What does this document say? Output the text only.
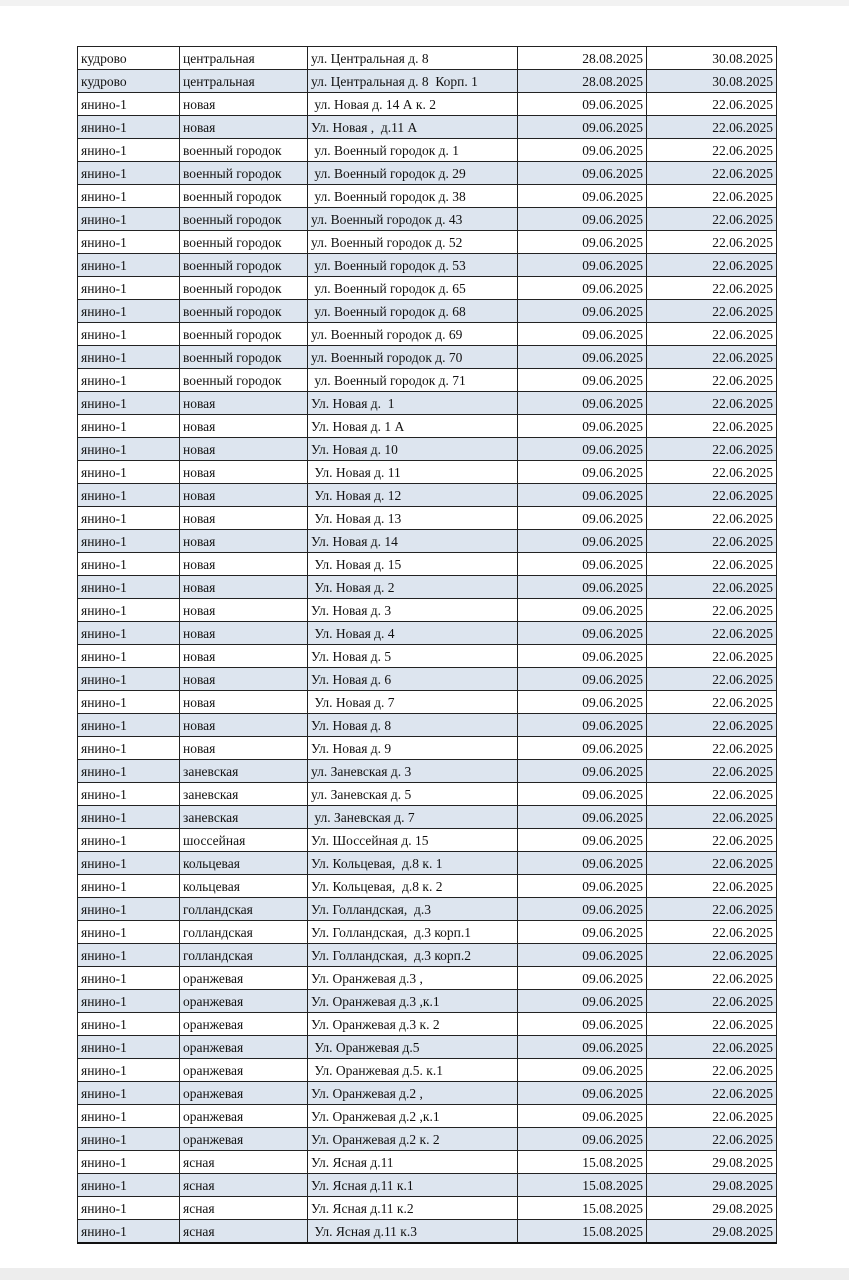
кудрово	центральная	ул. Центральная д. 8	28.08.2025	30.08.2025
кудрово	центральная	ул. Центральная д. 8  Корп. 1	28.08.2025	30.08.2025
янино-1	новая	ул. Новая д. 14 А к. 2	09.06.2025	22.06.2025
янино-1	новая	Ул. Новая ,  д.11 А	09.06.2025	22.06.2025
янино-1	военный городок	ул. Военный городок д. 1	09.06.2025	22.06.2025
янино-1	военный городок	ул. Военный городок д. 29	09.06.2025	22.06.2025
янино-1	военный городок	ул. Военный городок д. 38	09.06.2025	22.06.2025
янино-1	военный городок	ул. Военный городок д. 43	09.06.2025	22.06.2025
янино-1	военный городок	ул. Военный городок д. 52	09.06.2025	22.06.2025
янино-1	военный городок	ул. Военный городок д. 53	09.06.2025	22.06.2025
янино-1	военный городок	ул. Военный городок д. 65	09.06.2025	22.06.2025
янино-1	военный городок	ул. Военный городок д. 68	09.06.2025	22.06.2025
янино-1	военный городок	ул. Военный городок д. 69	09.06.2025	22.06.2025
янино-1	военный городок	ул. Военный городок д. 70	09.06.2025	22.06.2025
янино-1	военный городок	ул. Военный городок д. 71	09.06.2025	22.06.2025
янино-1	новая	Ул. Новая д.  1	09.06.2025	22.06.2025
янино-1	новая	Ул. Новая д. 1 А	09.06.2025	22.06.2025
янино-1	новая	Ул. Новая д. 10	09.06.2025	22.06.2025
янино-1	новая	Ул. Новая д. 11	09.06.2025	22.06.2025
янино-1	новая	Ул. Новая д. 12	09.06.2025	22.06.2025
янино-1	новая	Ул. Новая д. 13	09.06.2025	22.06.2025
янино-1	новая	Ул. Новая д. 14	09.06.2025	22.06.2025
янино-1	новая	Ул. Новая д. 15	09.06.2025	22.06.2025
янино-1	новая	Ул. Новая д. 2	09.06.2025	22.06.2025
янино-1	новая	Ул. Новая д. 3	09.06.2025	22.06.2025
янино-1	новая	Ул. Новая д. 4	09.06.2025	22.06.2025
янино-1	новая	Ул. Новая д. 5	09.06.2025	22.06.2025
янино-1	новая	Ул. Новая д. 6	09.06.2025	22.06.2025
янино-1	новая	Ул. Новая д. 7	09.06.2025	22.06.2025
янино-1	новая	Ул. Новая д. 8	09.06.2025	22.06.2025
янино-1	новая	Ул. Новая д. 9	09.06.2025	22.06.2025
янино-1	заневская	ул. Заневская д. 3	09.06.2025	22.06.2025
янино-1	заневская	ул. Заневская д. 5	09.06.2025	22.06.2025
янино-1	заневская	ул. Заневская д. 7	09.06.2025	22.06.2025
янино-1	шоссейная	Ул. Шоссейная д. 15	09.06.2025	22.06.2025
янино-1	кольцевая	Ул. Кольцевая,  д.8 к. 1	09.06.2025	22.06.2025
янино-1	кольцевая	Ул. Кольцевая,  д.8 к. 2	09.06.2025	22.06.2025
янино-1	голландская	Ул. Голландская,  д.3	09.06.2025	22.06.2025
янино-1	голландская	Ул. Голландская,  д.3 корп.1	09.06.2025	22.06.2025
янино-1	голландская	Ул. Голландская,  д.3 корп.2	09.06.2025	22.06.2025
янино-1	оранжевая	Ул. Оранжевая д.3 ,	09.06.2025	22.06.2025
янино-1	оранжевая	Ул. Оранжевая д.3 ,к.1	09.06.2025	22.06.2025
янино-1	оранжевая	Ул. Оранжевая д.3 к. 2	09.06.2025	22.06.2025
янино-1	оранжевая	Ул. Оранжевая д.5	09.06.2025	22.06.2025
янино-1	оранжевая	Ул. Оранжевая д.5. к.1	09.06.2025	22.06.2025
янино-1	оранжевая	Ул. Оранжевая д.2 ,	09.06.2025	22.06.2025
янино-1	оранжевая	Ул. Оранжевая д.2 ,к.1	09.06.2025	22.06.2025
янино-1	оранжевая	Ул. Оранжевая д.2 к. 2	09.06.2025	22.06.2025
янино-1	ясная	Ул. Ясная д.11	15.08.2025	29.08.2025
янино-1	ясная	Ул. Ясная д.11 к.1	15.08.2025	29.08.2025
янино-1	ясная	Ул. Ясная д.11 к.2	15.08.2025	29.08.2025
янино-1	ясная	Ул. Ясная д.11 к.3	15.08.2025	29.08.2025
